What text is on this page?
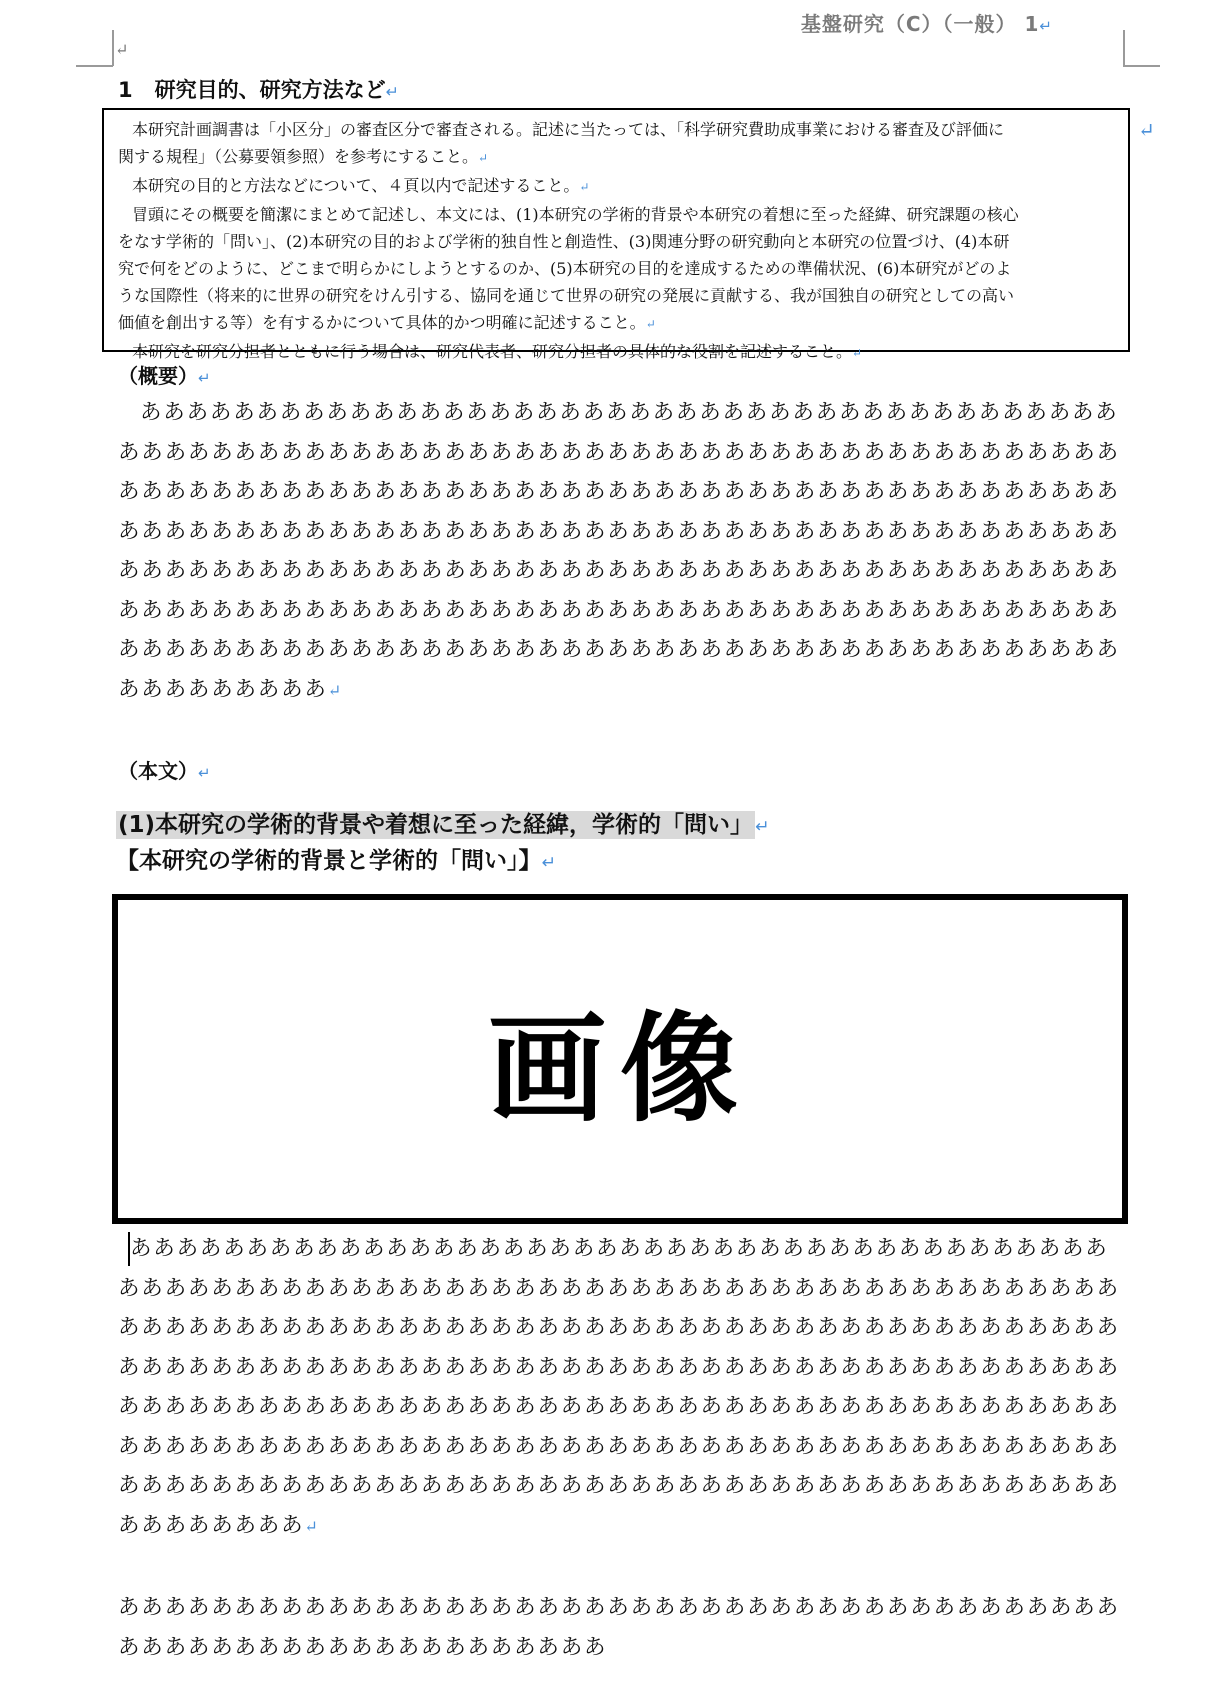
基盤研究（C）（一般） 1↵
↵
1 研究目的、研究方法など↵

本研究計画調書は「小区分」の審査区分で審査される。記述に当たっては、「科学研究費助成事業における審査及び評価に

関する規程」（公募要領参照）を参考にすること。↵

本研究の目的と方法などについて、４頁以内で記述すること。↵

冒頭にその概要を簡潔にまとめて記述し、本文には、(1)本研究の学術的背景や本研究の着想に至った経緯、研究課題の核心

をなす学術的「問い」、(2)本研究の目的および学術的独自性と創造性、(3)関連分野の研究動向と本研究の位置づけ、(4)本研

究で何をどのように、どこまで明らかにしようとするのか、(5)本研究の目的を達成するための準備状況、(6)本研究がどのよ

うな国際性（将来的に世界の研究をけん引する、協同を通じて世界の研究の発展に貢献する、我が国独自の研究としての高い

価値を創出する等）を有するかについて具体的かつ明確に記述すること。↵

本研究を研究分担者とともに行う場合は、研究代表者、研究分担者の具体的な役割を記述すること。↵

↵
（概要）↵
あああああああああああああああああああああああああああああああああああああああああああああああああああああああああああああああああああああああああああああああああああああああああああああああああああああああああああああああああああああああああああああああああああああああああああああああああああああああああああああああああああああああああああああああああああああああああああああああああああああああああああああああああああああああああああああああああああああああああああああああああああああああああああああああああああああああああああああああああああああああああああああああああああああああああああああああああああああ↵
（本文）↵
(1)本研究の学術的背景や着想に至った経緯，学術的「問い」 ↵
【本研究の学術的背景と学術的「問い」】↵
画像
ああああああああああああああああああああああああああああああああああああああああああああああああああああああああああああああああああああああああああああああああああああああああああああああああああああああああああああああああああああああああああああああああああああああああああああああああああああああああああああああああああああああああああああああああああああああああああああああああああああああああああああああああああああああああああああああああああああああああああああああああああああああああああああああああああああああああああああああああああああああああああああああああああああああああああああああああああああ↵
ああああああああああああああああああああああああああああああああああああああああああああああああああああああああああああああああ
